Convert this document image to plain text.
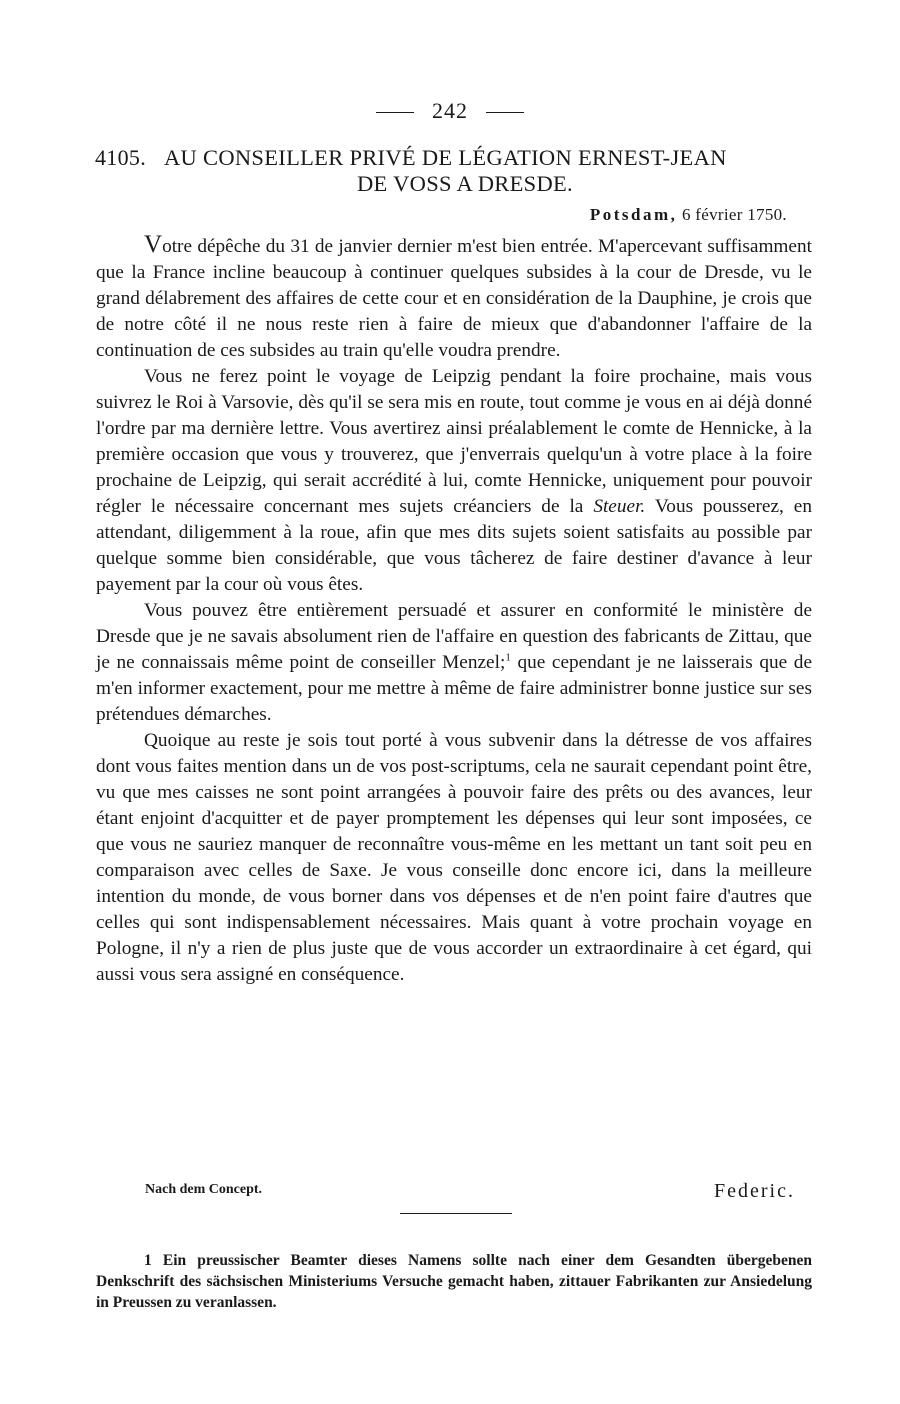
242
4105. AU CONSEILLER PRIVÉ DE LÉGATION ERNEST-JEAN
DE VOSS A DRESDE.
Potsdam, 6 février 1750.

Votre dépêche du 31 de janvier dernier m'est bien entrée. M'apercevant suffisamment que la France incline beaucoup à continuer quelques subsides à la cour de Dresde, vu le grand délabrement des affaires de cette cour et en considération de la Dauphine, je crois que de notre côté il ne nous reste rien à faire de mieux que d'abandonner l'affaire de la continuation de ces subsides au train qu'elle voudra prendre.

Vous ne ferez point le voyage de Leipzig pendant la foire prochaine, mais vous suivrez le Roi à Varsovie, dès qu'il se sera mis en route, tout comme je vous en ai déjà donné l'ordre par ma dernière lettre. Vous avertirez ainsi préalablement le comte de Hennicke, à la première occasion que vous y trouverez, que j'enverrais quelqu'un à votre place à la foire prochaine de Leipzig, qui serait accrédité à lui, comte Hennicke, uniquement pour pouvoir régler le nécessaire concernant mes sujets créanciers de la Steuer. Vous pousserez, en attendant, diligemment à la roue, afin que mes dits sujets soient satisfaits au possible par quelque somme bien considérable, que vous tâcherez de faire destiner d'avance à leur payement par la cour où vous êtes.

Vous pouvez être entièrement persuadé et assurer en conformité le ministère de Dresde que je ne savais absolument rien de l'affaire en question des fabricants de Zittau, que je ne connaissais même point de conseiller Menzel;$^1$ que cependant je ne laisserais que de m'en informer exactement, pour me mettre à même de faire administrer bonne justice sur ses prétendues démarches.

Quoique au reste je sois tout porté à vous subvenir dans la détresse de vos affaires dont vous faites mention dans un de vos post-scriptums, cela ne saurait cependant point être, vu que mes caisses ne sont point arrangées à pouvoir faire des prêts ou des avances, leur étant enjoint d'acquitter et de payer promptement les dépenses qui leur sont imposées, ce que vous ne sauriez manquer de reconnaître vous-même en les mettant un tant soit peu en comparaison avec celles de Saxe. Je vous conseille donc encore ici, dans la meilleure intention du monde, de vous borner dans vos dépenses et de n'en point faire d'autres que celles qui sont indispensablement nécessaires. Mais quant à votre prochain voyage en Pologne, il n'y a rien de plus juste que de vous accorder un extraordinaire à cet égard, qui aussi vous sera assigné en conséquence.

Nach dem Concept.	Federic.

1 Ein preussischer Beamter dieses Namens sollte nach einer dem Gesandten übergebenen Denkschrift des sächsischen Ministeriums Versuche gemacht haben, zittauer Fabrikanten zur Ansiedelung in Preussen zu veranlassen.
